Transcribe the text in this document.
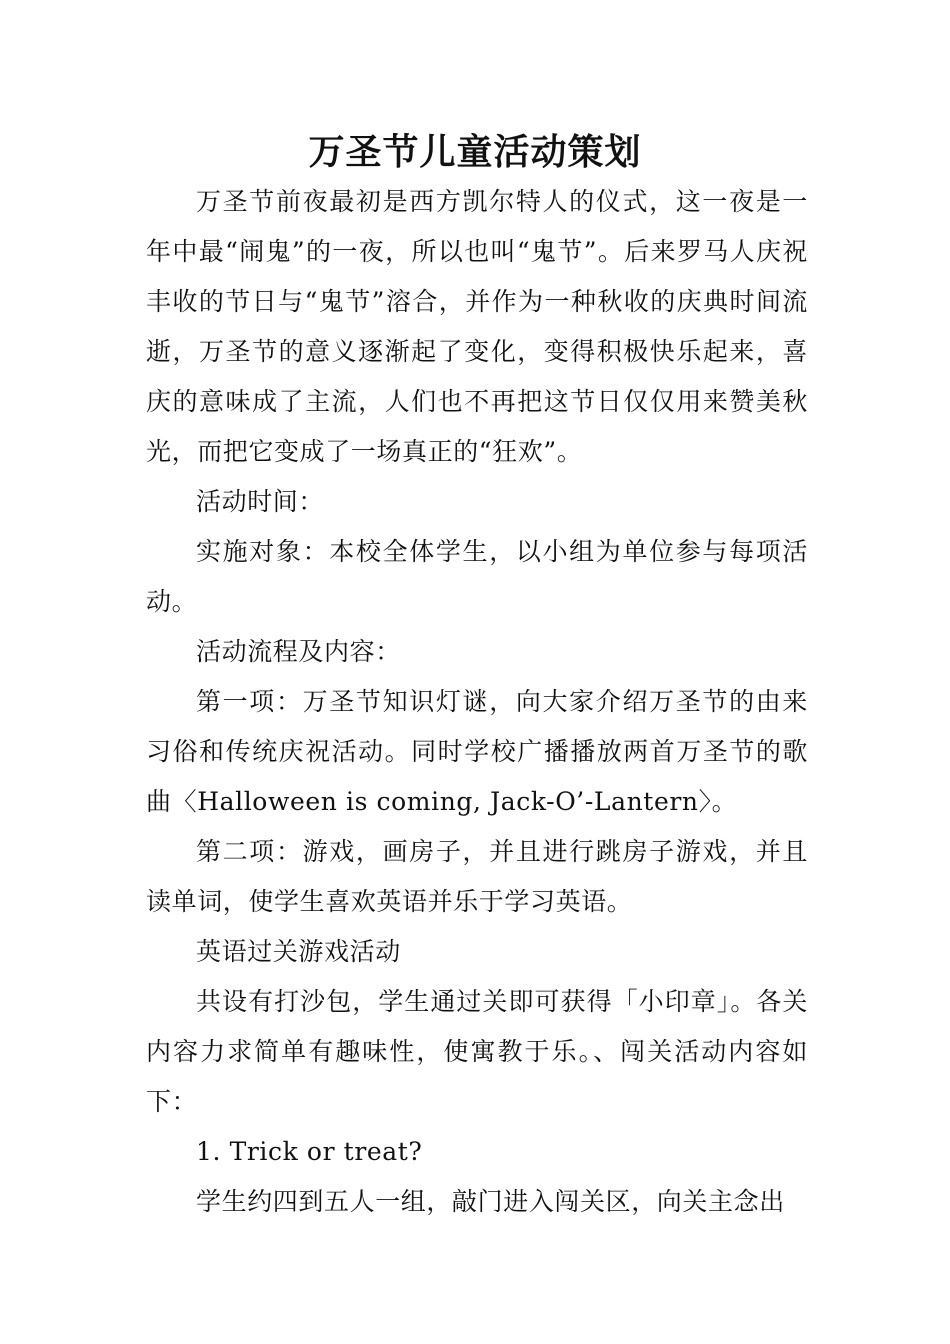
万圣节儿童活动策划

万圣节前夜最初是西方凯尔特人的仪式，这一夜是一年中最“闹鬼”的一夜，所以也叫“鬼节”。后来罗马人庆祝丰收的节日与“鬼节”溶合，并作为一种秋收的庆典时间流逝，万圣节的意义逐渐起了变化，变得积极快乐起来，喜庆的意味成了主流，人们也不再把这节日仅仅用来赞美秋光，而把它变成了一场真正的“狂欢”。

活动时间：

实施对象：本校全体学生，以小组为单位参与每项活动。

活动流程及内容：

第一项：万圣节知识灯谜，向大家介绍万圣节的由来习俗和传统庆祝活动。同时学校广播播放两首万圣节的歌曲〈Halloween is coming, Jack-O’-Lantern〉。

第二项：游戏，画房子，并且进行跳房子游戏，并且读单词，使学生喜欢英语并乐于学习英语。

英语过关游戏活动

共设有打沙包，学生通过关即可获得「小印章」。各关内容力求简单有趣味性，使寓教于乐。、闯关活动内容如下：

1. Trick or treat?

学生约四到五人一组，敲门进入闯关区，向关主念出
